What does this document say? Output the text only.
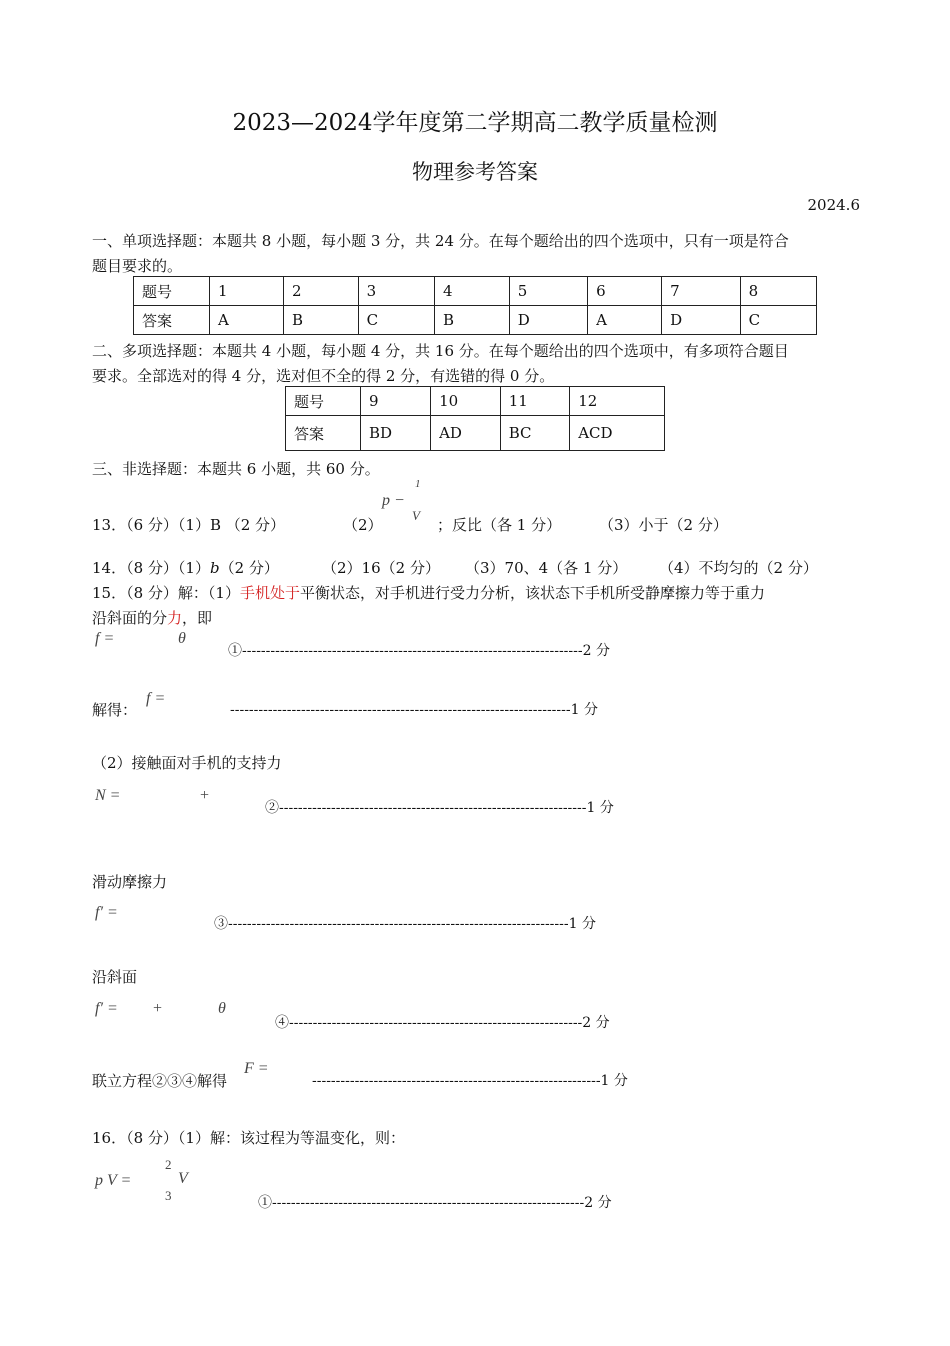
2023—2024学年度第二学期高二教学质量检测
物理参考答案
2024.6
一、单项选择题：本题共 8 小题，每小题 3 分，共 24 分。在每个题给出的四个选项中，只有一项是符合
题目要求的。
题号	1	2	3	4	5	6	7	8
答案	A	B	C	B	D	A	D	C
二、多项选择题：本题共 4 小题，每小题 4 分，共 16 分。在每个题给出的四个选项中，有多项符合题目
要求。全部选对的得 4 分，选对但不全的得 2 分，有选错的得 0 分。
题号	9	10	11	12
答案	BD	AD	BC	ACD
三、非选择题：本题共 6 小题，共 60 分。
13．（6 分）（1）B （2 分）	（2）
p −
1
V
；反比（各 1 分）	（3）小于（2 分）
14．（8 分）（1）b（2 分）	（2）16（2 分） （3）70、4（各 1 分） （4）不均匀的（2 分）
15．（8 分）解：（1）手机处于平衡状态，对手机进行受力分析，该状态下手机所受静摩擦力等于重力
沿斜面的分力，即
f =	θ
①------------------------------------------------------------------------2 分
解得：
f =
------------------------------------------------------------------------1 分
（2）接触面对手机的支持力
N =	+
②-----------------------------------------------------------------1 分
滑动摩擦力
f′ =
③------------------------------------------------------------------------1 分
沿斜面
f′ = +	θ
④--------------------------------------------------------------2 分
联立方程②③④解得
F =
-------------------------------------------------------------1 分
16．（8 分）（1）解：该过程为等温变化，则：
p V =
2
3
V
①------------------------------------------------------------------2 分
